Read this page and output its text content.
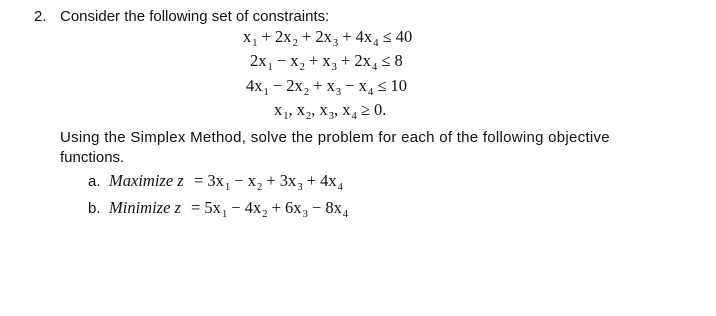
2. Consider the following set of constraints:
$x_1 + 2x_2 + 2x_3 + 4x_4 \le 40$
$2x_1 - x_2 + x_3 + 2x_4 \le 8$
$4x_1 - 2x_2 + x_3 - x_4 \le 10$
$x_1$, $x_2$, $x_3$, $x_4 \ge 0$.
Using the Simplex Method, solve the problem for each of the following objective
functions.
a. Maximize $z = 3x_1 - x_2 + 3x_3 + 4x_4$
b. Minimize $z = 5x_1 - 4x_2 + 6x_3 - 8x_4$
